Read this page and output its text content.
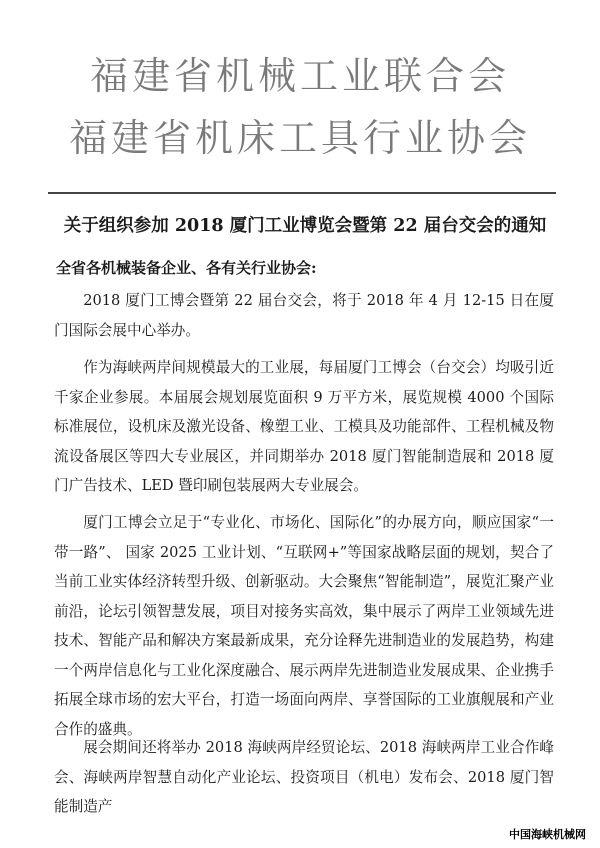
福建省机械工业联合会
福建省机床工具行业协会
关于组织参加 2018 厦门工业博览会暨第 22 届台交会的通知
全省各机械装备企业、各有关行业协会:

2018 厦门工博会暨第 22 届台交会，将于 2018 年 4 月 12-15 日在厦门国际会展中心举办。

作为海峡两岸间规模最大的工业展，每届厦门工博会（台交会）均吸引近千家企业参展。本届展会规划展览面积 9 万平方米，展览规模 4000 个国际标准展位，设机床及激光设备、橡塑工业、工模具及功能部件、工程机械及物流设备展区等四大专业展区，并同期举办 2018 厦门智能制造展和 2018 厦门广告技术、LED 暨印刷包装展两大专业展会。

厦门工博会立足于“专业化、市场化、国际化”的办展方向，顺应国家“一带一路”、 国家 2025 工业计划、“互联网+”等国家战略层面的规划，契合了当前工业实体经济转型升级、创新驱动。大会聚焦“智能制造”，展览汇聚产业前沿，论坛引领智慧发展，项目对接务实高效，集中展示了两岸工业领域先进技术、智能产品和解决方案最新成果，充分诠释先进制造业的发展趋势，构建一个两岸信息化与工业化深度融合、展示两岸先进制造业发展成果、企业携手拓展全球市场的宏大平台，打造一场面向两岸、享誉国际的工业旗舰展和产业合作的盛典。

展会期间还将举办 2018 海峡两岸经贸论坛、2018 海峡两岸工业合作峰会、海峡两岸智慧自动化产业论坛、投资项目（机电）发布会、2018 厦门智能制造产

中国海峡机械网
